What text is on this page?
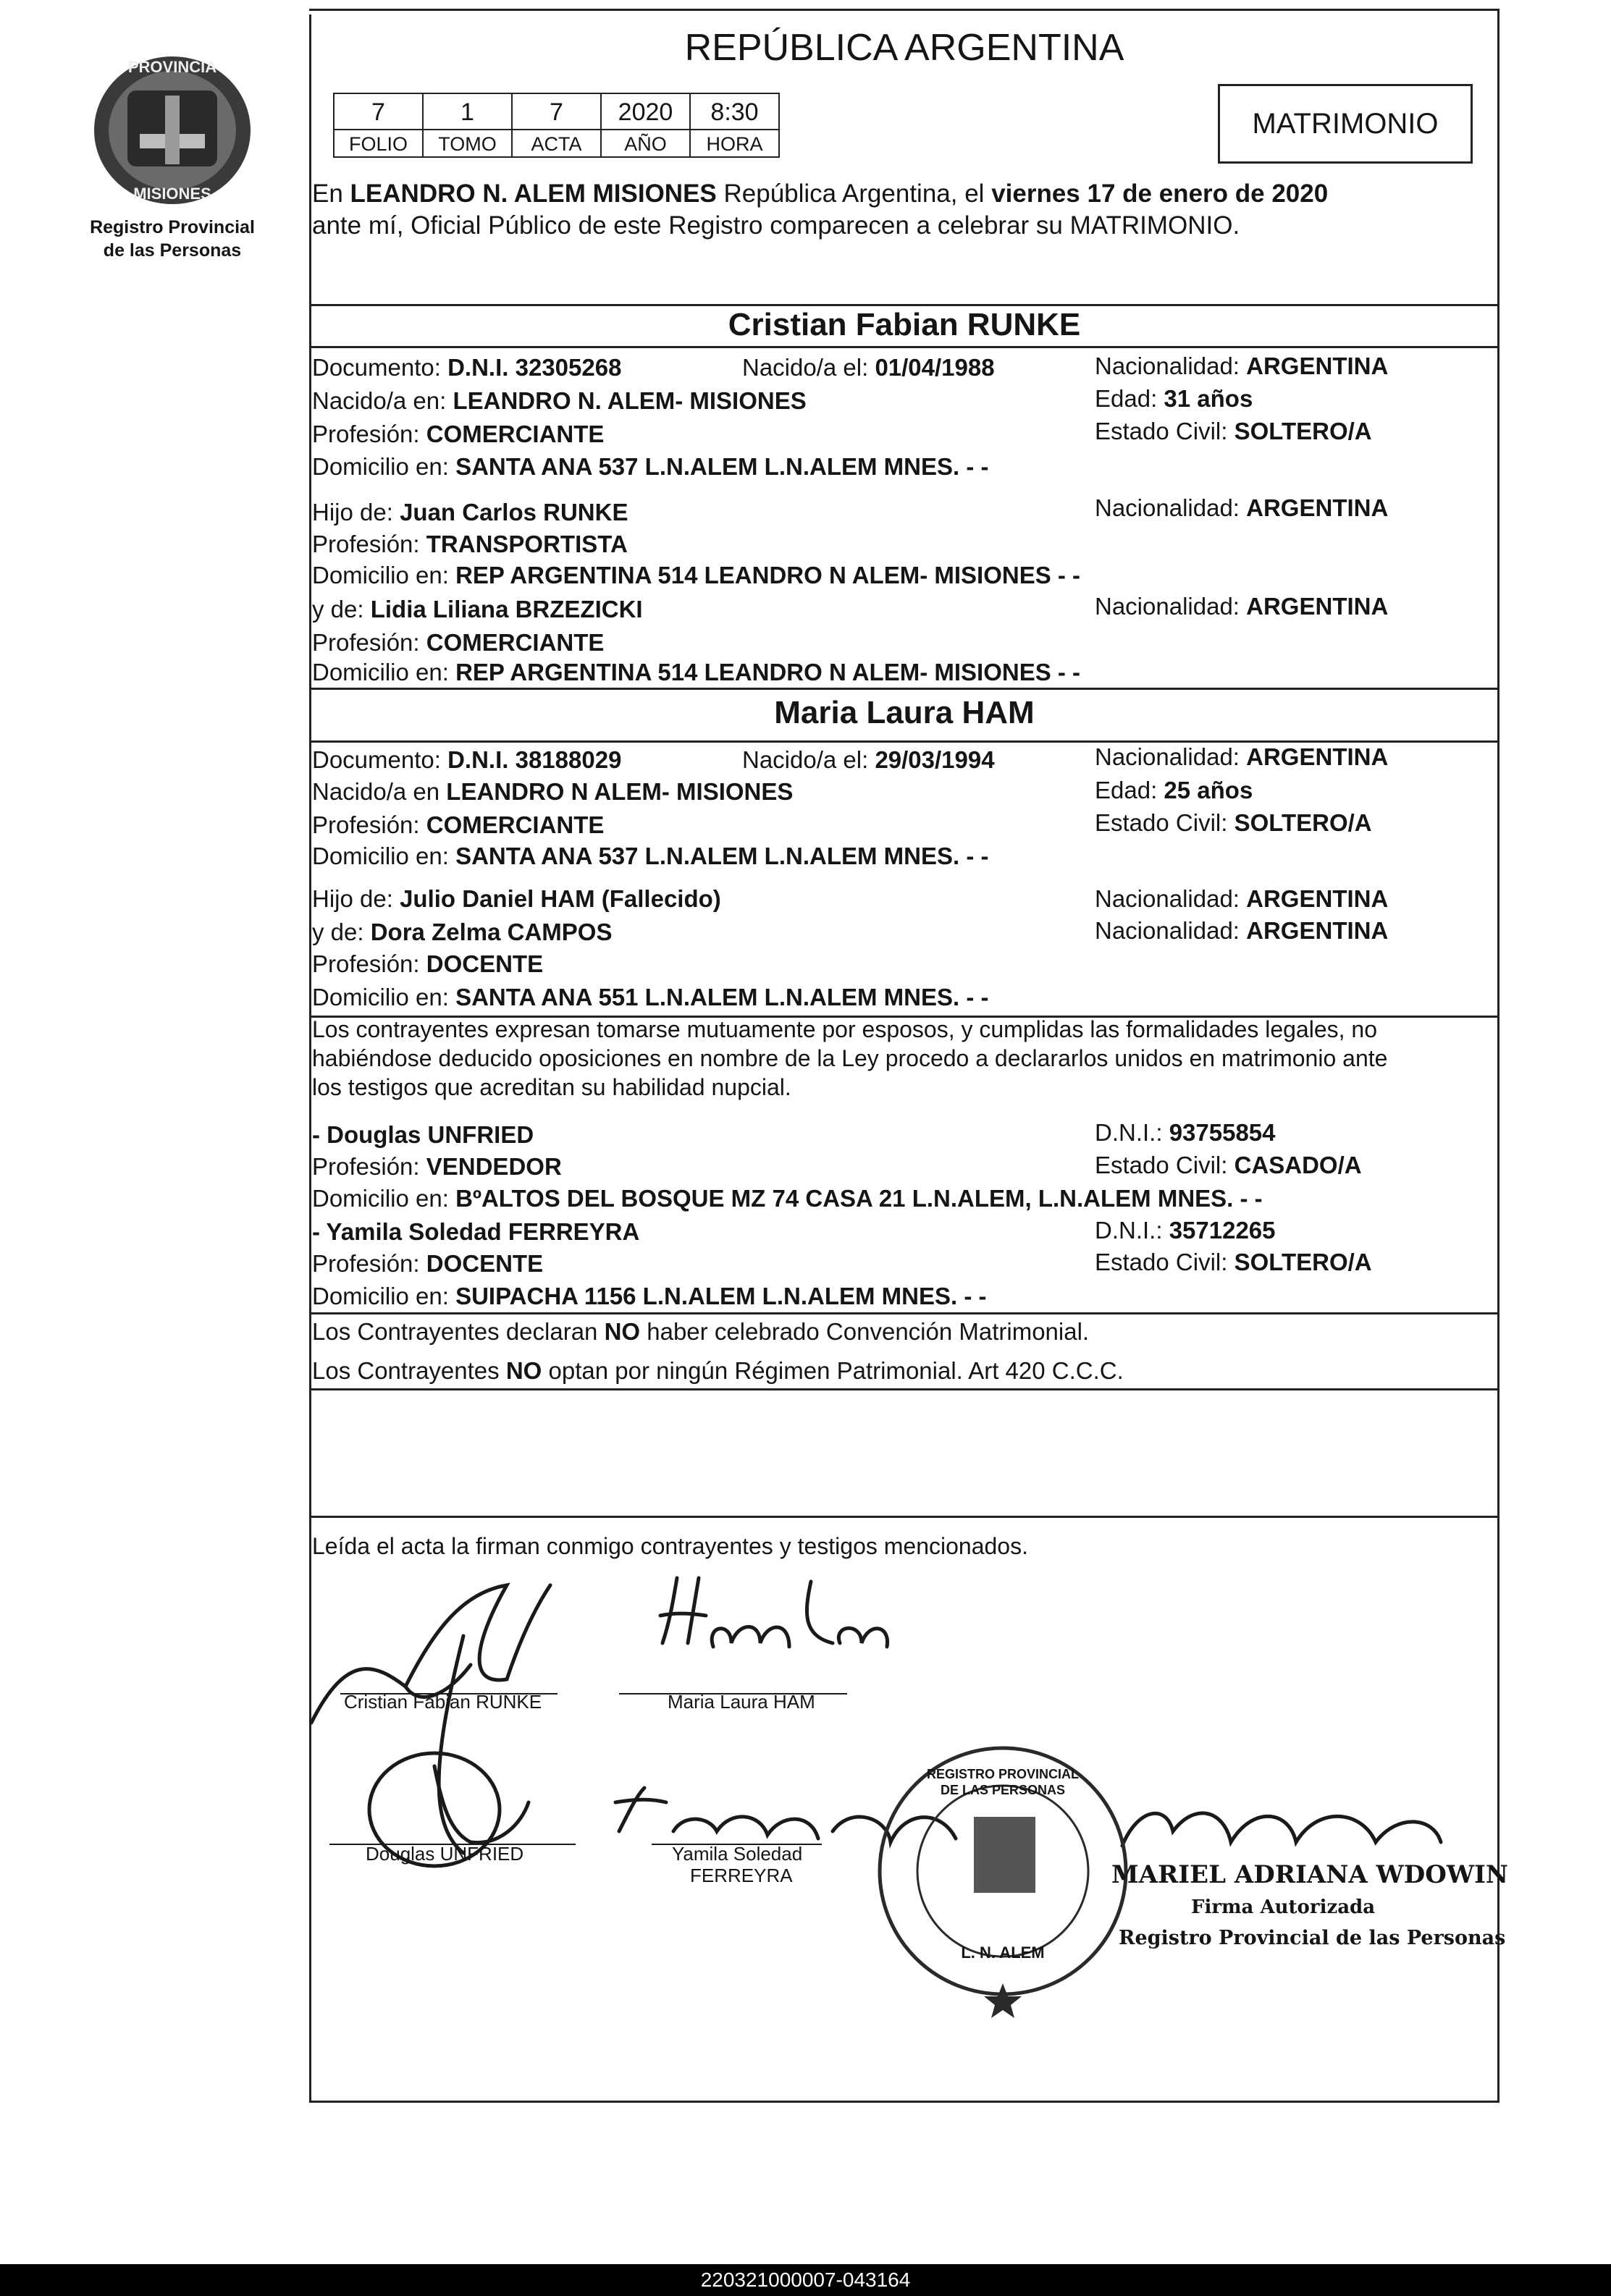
PROVINCIA
MISIONES
Registro Provincial
de las Personas
REPÚBLICA ARGENTINA
7	1	7	2020	8:30
FOLIO	TOMO	ACTA	AÑO	HORA
MATRIMONIO
En LEANDRO N. ALEM MISIONES República Argentina, el viernes 17 de enero de 2020
ante mí, Oficial Público de este Registro comparecen a celebrar su MATRIMONIO.
Cristian Fabian RUNKE
Documento: D.N.I. 32305268	Nacido/a el: 01/04/1988	Nacionalidad: ARGENTINA
Nacido/a en: LEANDRO N. ALEM- MISIONES	Edad: 31 años
Profesión: COMERCIANTE	Estado Civil: SOLTERO/A
Domicilio en: SANTA ANA 537 L.N.ALEM L.N.ALEM MNES. - -
Hijo de: Juan Carlos RUNKE	Nacionalidad: ARGENTINA
Profesión: TRANSPORTISTA
Domicilio en: REP ARGENTINA 514 LEANDRO N ALEM- MISIONES - -
y de: Lidia Liliana BRZEZICKI	Nacionalidad: ARGENTINA
Profesión: COMERCIANTE
Domicilio en: REP ARGENTINA 514 LEANDRO N ALEM- MISIONES - -
Maria Laura HAM
Documento: D.N.I. 38188029	Nacido/a el: 29/03/1994	Nacionalidad: ARGENTINA
Nacido/a en LEANDRO N ALEM- MISIONES	Edad: 25 años
Profesión: COMERCIANTE	Estado Civil: SOLTERO/A
Domicilio en: SANTA ANA 537 L.N.ALEM L.N.ALEM MNES. - -
Hijo de: Julio Daniel HAM (Fallecido)	Nacionalidad: ARGENTINA
y de: Dora Zelma CAMPOS	Nacionalidad: ARGENTINA
Profesión: DOCENTE
Domicilio en: SANTA ANA 551 L.N.ALEM L.N.ALEM MNES. - -
Los contrayentes expresan tomarse mutuamente por esposos, y cumplidas las formalidades legales, no
habiéndose deducido oposiciones en nombre de la Ley procedo a declararlos unidos en matrimonio ante
los testigos que acreditan su habilidad nupcial.
- Douglas UNFRIED	D.N.I.: 93755854
Profesión: VENDEDOR	Estado Civil: CASADO/A
Domicilio en: BºALTOS DEL BOSQUE MZ 74 CASA 21 L.N.ALEM, L.N.ALEM MNES. - -
- Yamila Soledad FERREYRA	D.N.I.: 35712265
Profesión: DOCENTE	Estado Civil: SOLTERO/A
Domicilio en: SUIPACHA 1156 L.N.ALEM L.N.ALEM MNES. - -
Los Contrayentes declaran NO haber celebrado Convención Matrimonial.
Los Contrayentes NO optan por ningún Régimen Patrimonial. Art 420 C.C.C.
Leída el acta la firman conmigo contrayentes y testigos mencionados.
Cristian Fabian RUNKE	Maria Laura HAM
Douglas UNFRIED	Yamila Soledad
FERREYRA
REGISTRO PROVINCIAL DE LAS PERSONAS
L. N. ALEM
MARIEL ADRIANA WDOWIN
Firma Autorizada
Registro Provincial de las Personas
220321000007-043164
